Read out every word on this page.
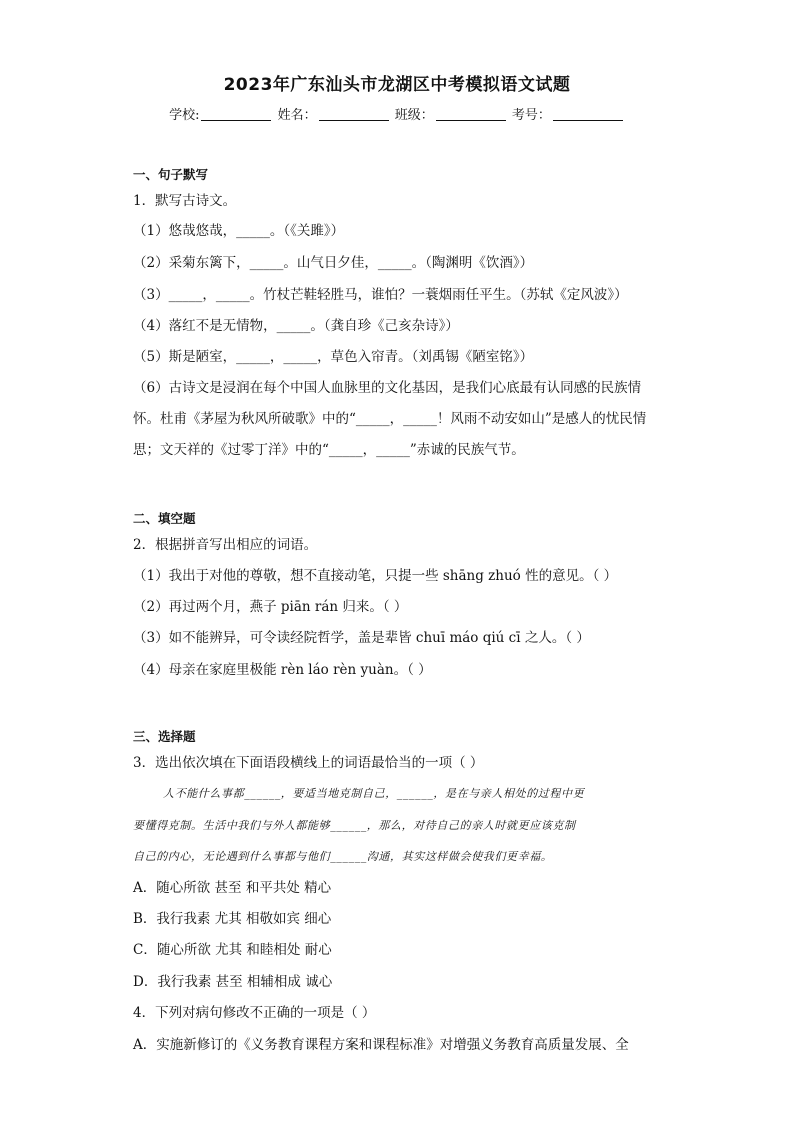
2023年广东汕头市龙湖区中考模拟语文试题
学校:	姓名：	班级：	考号：
一、句子默写
1．默写古诗文。
（1）悠哉悠哉，_____。（《关雎》）
（2）采菊东篱下，_____。山气日夕佳，_____。（陶渊明《饮酒》）
（3）_____，_____。竹杖芒鞋轻胜马，谁怕？一蓑烟雨任平生。（苏轼《定风波》）
（4）落红不是无情物，_____。（龚自珍《己亥杂诗》）
（5）斯是陋室，_____，_____，草色入帘青。（刘禹锡《陋室铭》）
（6）古诗文是浸润在每个中国人血脉里的文化基因，是我们心底最有认同感的民族情
怀。杜甫《茅屋为秋风所破歌》中的“_____，_____！风雨不动安如山”是感人的忧民情
思；文天祥的《过零丁洋》中的“_____，_____”赤诚的民族气节。
二、填空题
2．根据拼音写出相应的词语。
（1）我出于对他的尊敬，想不直接动笔，只提一些 shāng zhuó 性的意见。（ ）
（2）再过两个月，燕子 piān rán 归来。（ ）
（3）如不能辨异，可令读经院哲学，盖是辈皆 chuī máo qiú cī 之人。（ ）
（4）母亲在家庭里极能 rèn láo rèn yuàn。（ ）
三、选择题
3．选出依次填在下面语段横线上的词语最恰当的一项（ ）
人不能什么事都______，要适当地克制自己，______，是在与亲人相处的过程中更
要懂得克制。生活中我们与外人都能够______，那么，对待自己的亲人时就更应该克制
自己的内心，无论遇到什么事都与他们______沟通，其实这样做会使我们更幸福。
A．随心所欲 甚至 和平共处 精心
B．我行我素 尤其 相敬如宾 细心
C．随心所欲 尤其 和睦相处 耐心
D．我行我素 甚至 相辅相成 诚心
4．下列对病句修改不正确的一项是（ ）
A．实施新修订的《义务教育课程方案和课程标准》对增强义务教育高质量发展、全
